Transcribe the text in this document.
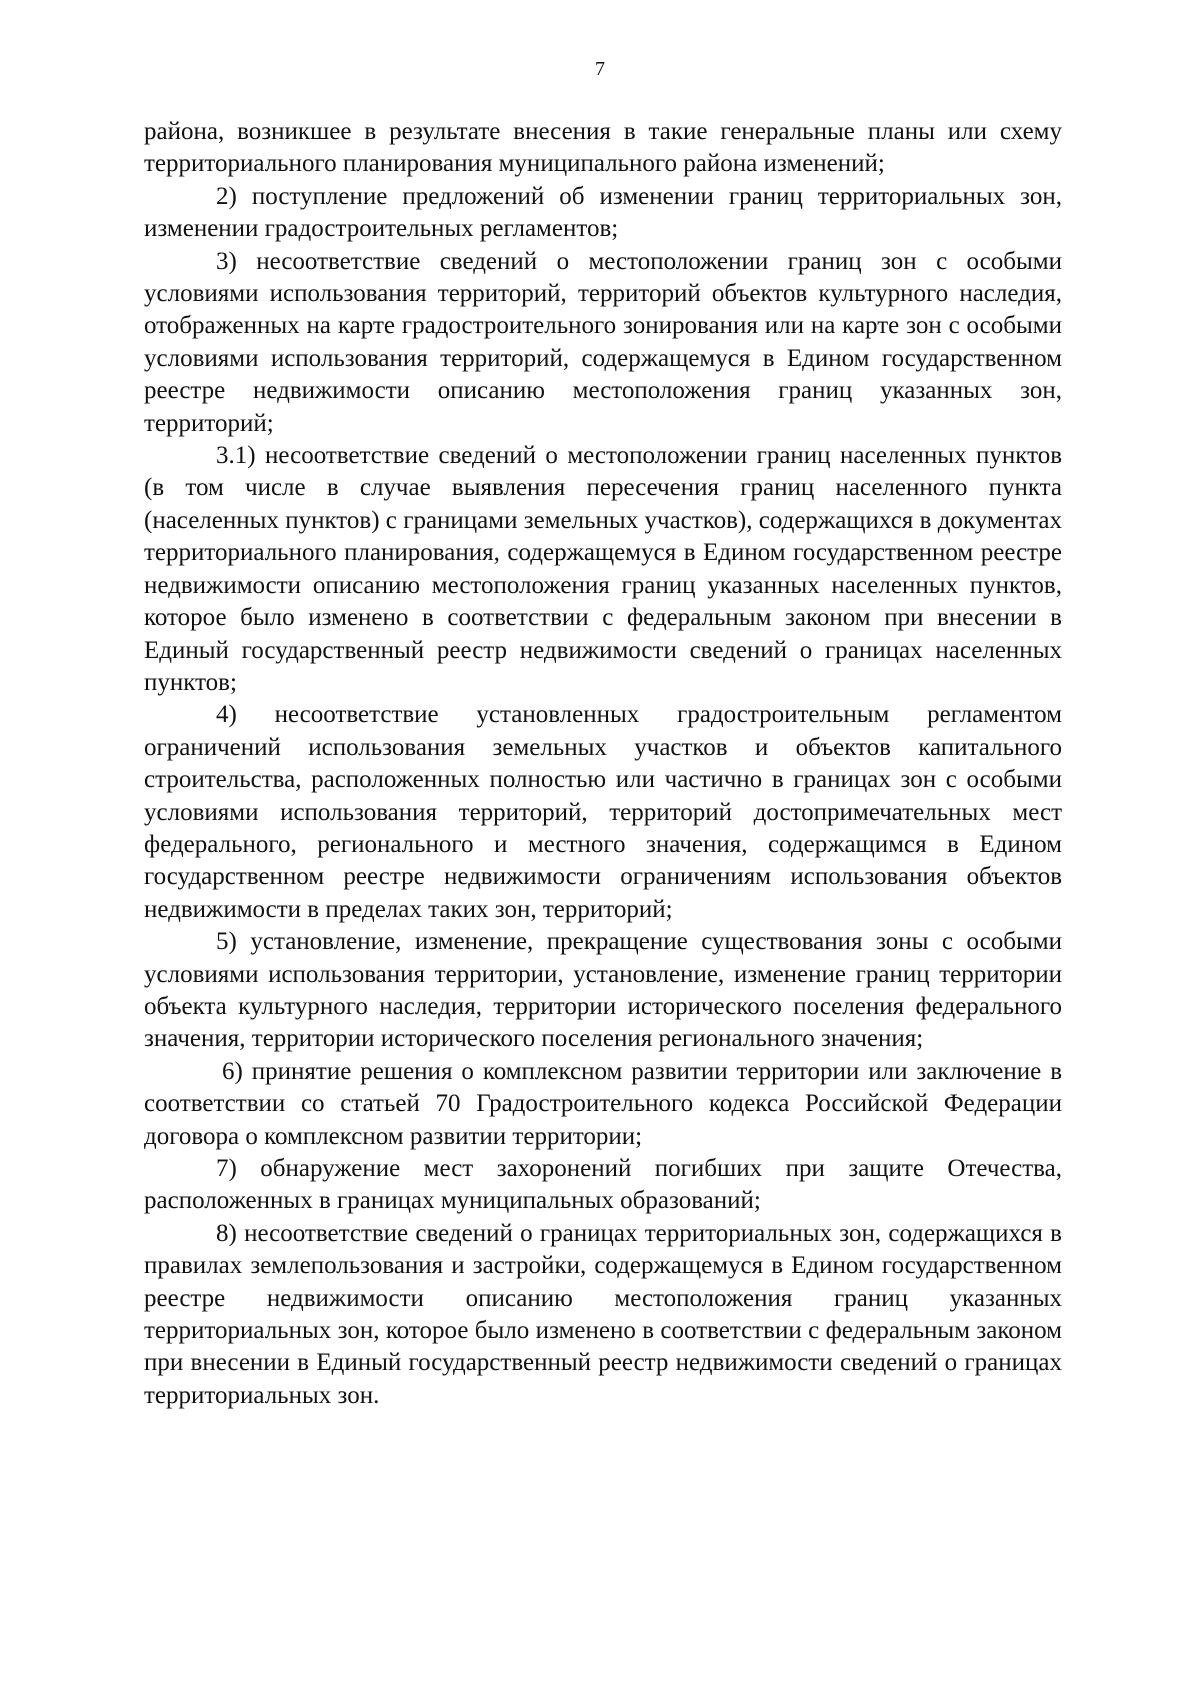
7

района, возникшее в результате внесения в такие генеральные планы или схему территориального планирования муниципального района изменений;

2) поступление предложений об изменении границ территориальных зон, изменении градостроительных регламентов;

3) несоответствие сведений о местоположении границ зон с особыми условиями использования территорий, территорий объектов культурного наследия, отображенных на карте градостроительного зонирования или на карте зон с особыми условиями использования территорий, содержащемуся в Едином государственном реестре недвижимости описанию местоположения границ указанных зон, территорий;

3.1) несоответствие сведений о местоположении границ населенных пунктов (в том числе в случае выявления пересечения границ населенного пункта (населенных пунктов) с границами земельных участков), содержащихся в документах территориального планирования, содержащемуся в Едином государственном реестре недвижимости описанию местоположения границ указанных населенных пунктов, которое было изменено в соответствии с федеральным законом при внесении в Единый государственный реестр недвижимости сведений о границах населенных пунктов;

4) несоответствие установленных градостроительным регламентом ограничений использования земельных участков и объектов капитального строительства, расположенных полностью или частично в границах зон с особыми условиями использования территорий, территорий достопримечательных мест федерального, регионального и местного значения, содержащимся в Едином государственном реестре недвижимости ограничениям использования объектов недвижимости в пределах таких зон, территорий;

5) установление, изменение, прекращение существования зоны с особыми условиями использования территории, установление, изменение границ территории объекта культурного наследия, территории исторического поселения федерального значения, территории исторического поселения регионального значения;

6) принятие решения о комплексном развитии территории или заключение в соответствии со статьей 70 Градостроительного кодекса Российской Федерации договора о комплексном развитии территории;

7) обнаружение мест захоронений погибших при защите Отечества, расположенных в границах муниципальных образований;

8) несоответствие сведений о границах территориальных зон, содержащихся в правилах землепользования и застройки, содержащемуся в Едином государственном реестре недвижимости описанию местоположения границ указанных территориальных зон, которое было изменено в соответствии с федеральным законом при внесении в Единый государственный реестр недвижимости сведений о границах территориальных зон.
